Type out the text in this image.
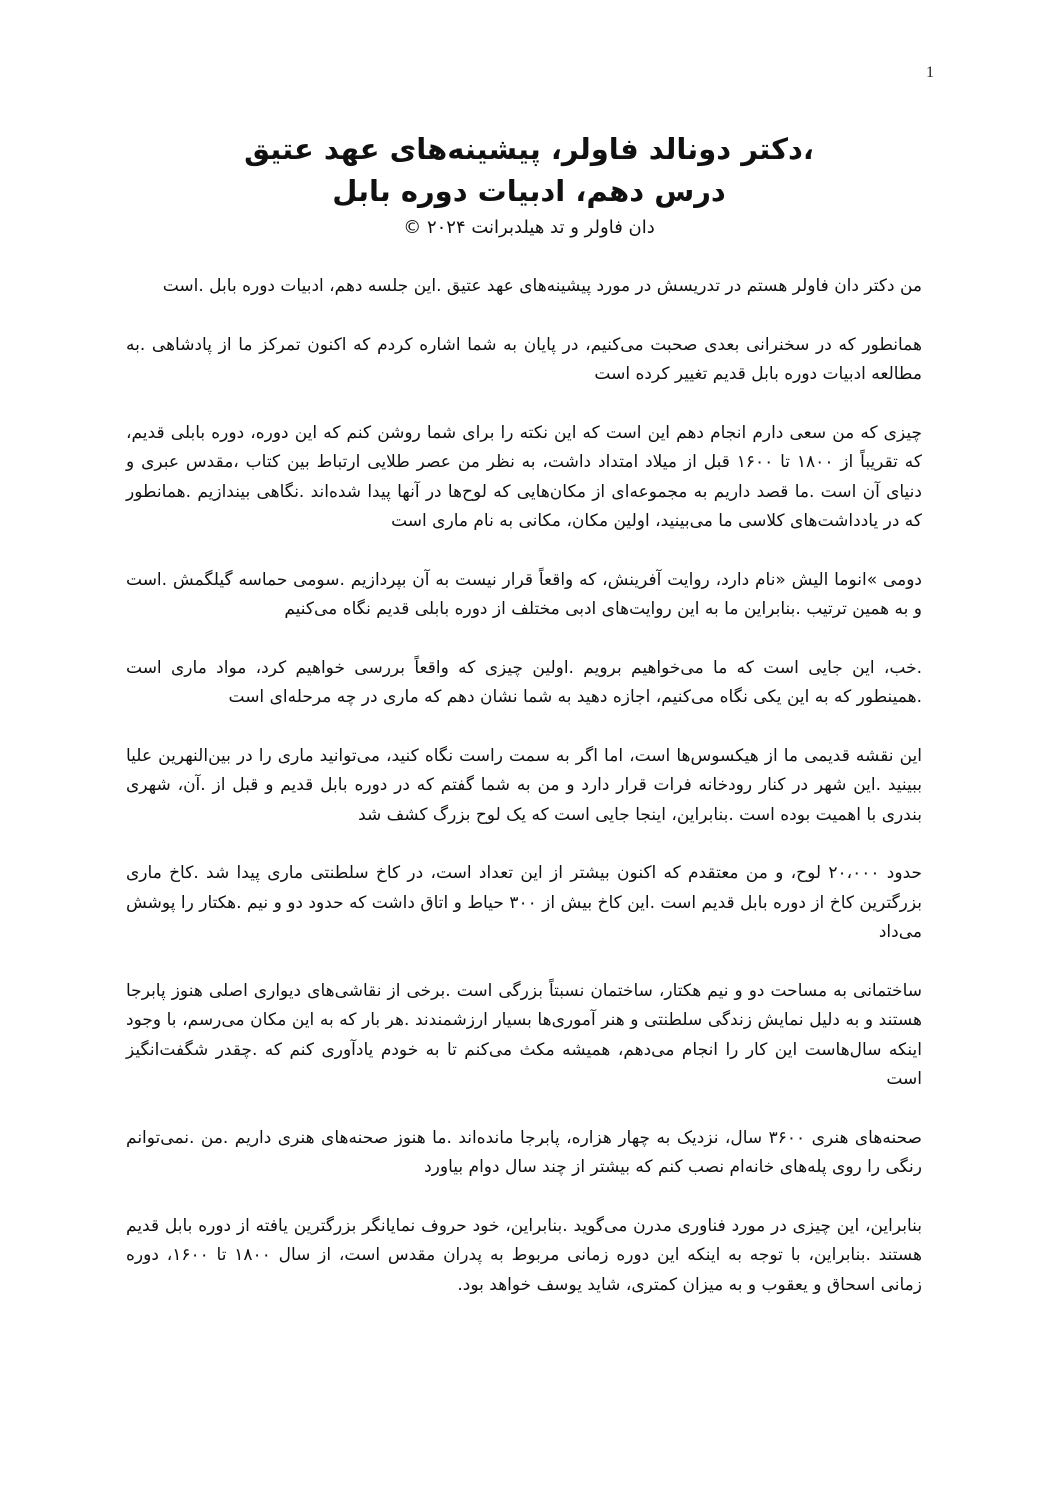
1
،دکتر دونالد فاولر، پیشینه‌های عهد عتیق
درس دهم، ادبیات دوره بابل
دان فاولر و تد هیلدبرانت ۲۰۲۴ ©

من دکتر دان فاولر هستم در تدریسش در مورد پیشینه‌های عهد عتیق .این جلسه دهم، ادبیات دوره بابل .است

همانطور که در سخنرانی بعدی صحبت می‌کنیم، در پایان به شما اشاره کردم که اکنون تمرکز ما از پادشاهی .به مطالعه ادبیات دوره بابل قدیم تغییر کرده است

چیزی که من سعی دارم انجام دهم این است که این نکته را برای شما روشن کنم که این دوره، دوره بابلی قدیم، که تقریباً از ۱۸۰۰ تا ۱۶۰۰ قبل از میلاد امتداد داشت، به نظر من عصر طلایی ارتباط بین کتاب ،مقدس عبری و دنیای آن است .ما قصد داریم به مجموعه‌ای از مکان‌هایی که لوح‌ها در آنها پیدا شده‌اند .نگاهی بیندازیم .همانطور که در یادداشت‌های کلاسی ما می‌بینید، اولین مکان، مکانی به نام ماری است

دومی »انوما الیش «نام دارد، روایت آفرینش، که واقعاً قرار نیست به آن بپردازیم .سومی حماسه گیلگمش .است و به همین ترتیب .بنابراین ما به این روایت‌های ادبی مختلف از دوره بابلی قدیم نگاه می‌کنیم

.خب، این جایی است که ما می‌خواهیم برویم .اولین چیزی که واقعاً بررسی خواهیم کرد، مواد ماری است .همینطور که به این یکی نگاه می‌کنیم، اجازه دهید به شما نشان دهم که ماری در چه مرحله‌ای است

این نقشه قدیمی ما از هیکسوس‌ها است، اما اگر به سمت راست نگاه کنید، می‌توانید ماری را در بین‌النهرین علیا ببینید .این شهر در کنار رودخانه فرات قرار دارد و من به شما گفتم که در دوره بابل قدیم و قبل از .آن، شهری بندری با اهمیت بوده است .بنابراین، اینجا جایی است که یک لوح بزرگ کشف شد

حدود ۲۰،۰۰۰ لوح، و من معتقدم که اکنون بیشتر از این تعداد است، در کاخ سلطنتی ماری پیدا شد .کاخ ماری بزرگترین کاخ از دوره بابل قدیم است .این کاخ بیش از ۳۰۰ حیاط و اتاق داشت که حدود دو و نیم .هکتار را پوشش می‌داد

ساختمانی به مساحت دو و نیم هکتار، ساختمان نسبتاً بزرگی است .برخی از نقاشی‌های دیواری اصلی هنوز پابرجا هستند و به دلیل نمایش زندگی سلطنتی و هنر آموری‌ها بسیار ارزشمندند .هر بار که به این مکان می‌رسم، با وجود اینکه سال‌هاست این کار را انجام می‌دهم، همیشه مکث می‌کنم تا به خودم یادآوری کنم که .چقدر شگفت‌انگیز است

صحنه‌های هنری ۳۶۰۰ سال، نزدیک به چهار هزاره، پابرجا مانده‌اند .ما هنوز صحنه‌های هنری داریم .من .نمی‌توانم رنگی را روی پله‌های خانه‌ام نصب کنم که بیشتر از چند سال دوام بیاورد

بنابراین، این چیزی در مورد فناوری مدرن می‌گوید .بنابراین، خود حروف نمایانگر بزرگترین یافته از دوره بابل قدیم هستند .بنابراین، با توجه به اینکه این دوره زمانی مربوط به پدران مقدس است، از سال ۱۸۰۰ تا ۱۶۰۰، دوره زمانی اسحاق و یعقوب و به میزان کمتری، شاید یوسف خواهد بود.
